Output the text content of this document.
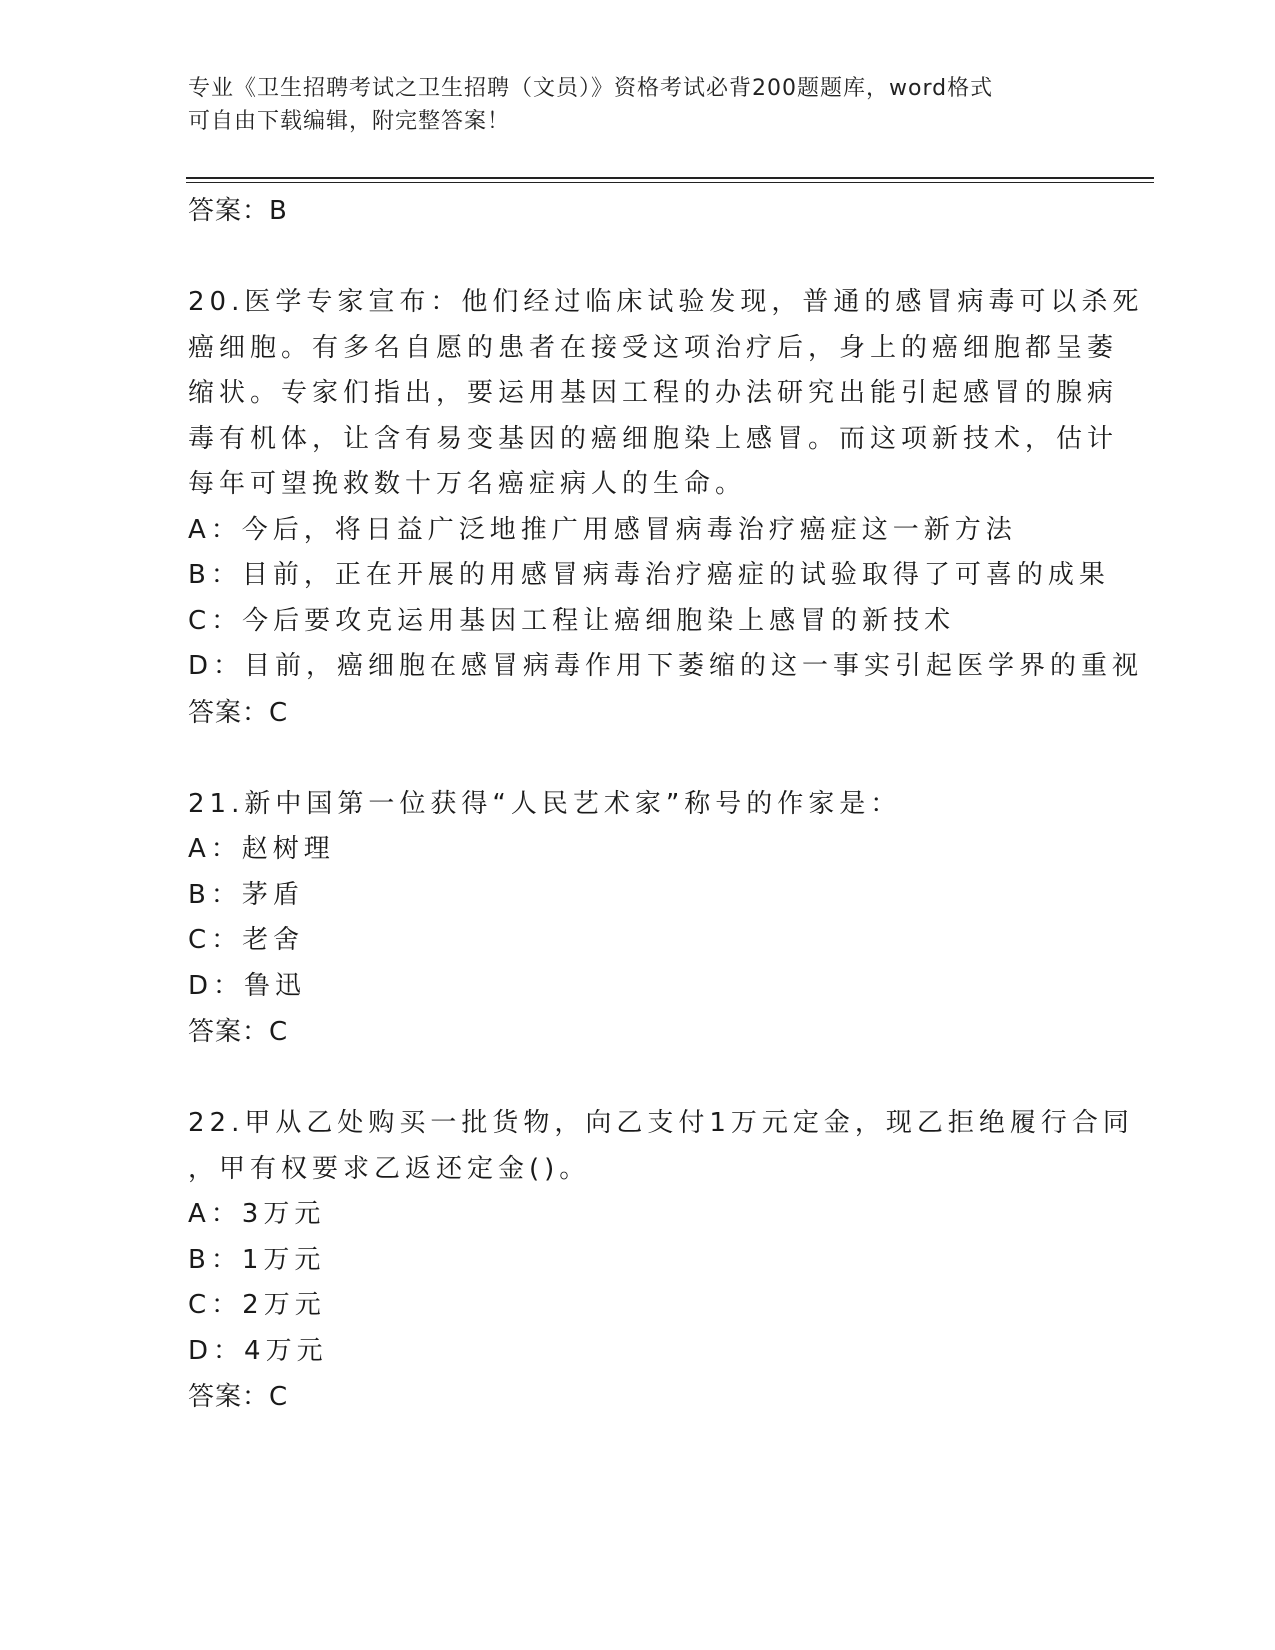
专业《卫生招聘考试之卫生招聘（文员）》资格考试必背200题题库，word格式
可自由下载编辑，附完整答案！

答案：B

20.医学专家宣布：他们经过临床试验发现，普通的感冒病毒可以杀死

癌细胞。有多名自愿的患者在接受这项治疗后，身上的癌细胞都呈萎

缩状。专家们指出，要运用基因工程的办法研究出能引起感冒的腺病

毒有机体，让含有易变基因的癌细胞染上感冒。而这项新技术，估计

每年可望挽救数十万名癌症病人的生命。

A：今后，将日益广泛地推广用感冒病毒治疗癌症这一新方法

B：目前，正在开展的用感冒病毒治疗癌症的试验取得了可喜的成果

C：今后要攻克运用基因工程让癌细胞染上感冒的新技术

D：目前，癌细胞在感冒病毒作用下萎缩的这一事实引起医学界的重视

答案：C

21.新中国第一位获得“人民艺术家”称号的作家是：

A：赵树理

B：茅盾

C：老舍

D：鲁迅

答案：C

22.甲从乙处购买一批货物，向乙支付1万元定金，现乙拒绝履行合同

，甲有权要求乙返还定金()。

A：3万元

B：1万元

C：2万元

D：4万元

答案：C
